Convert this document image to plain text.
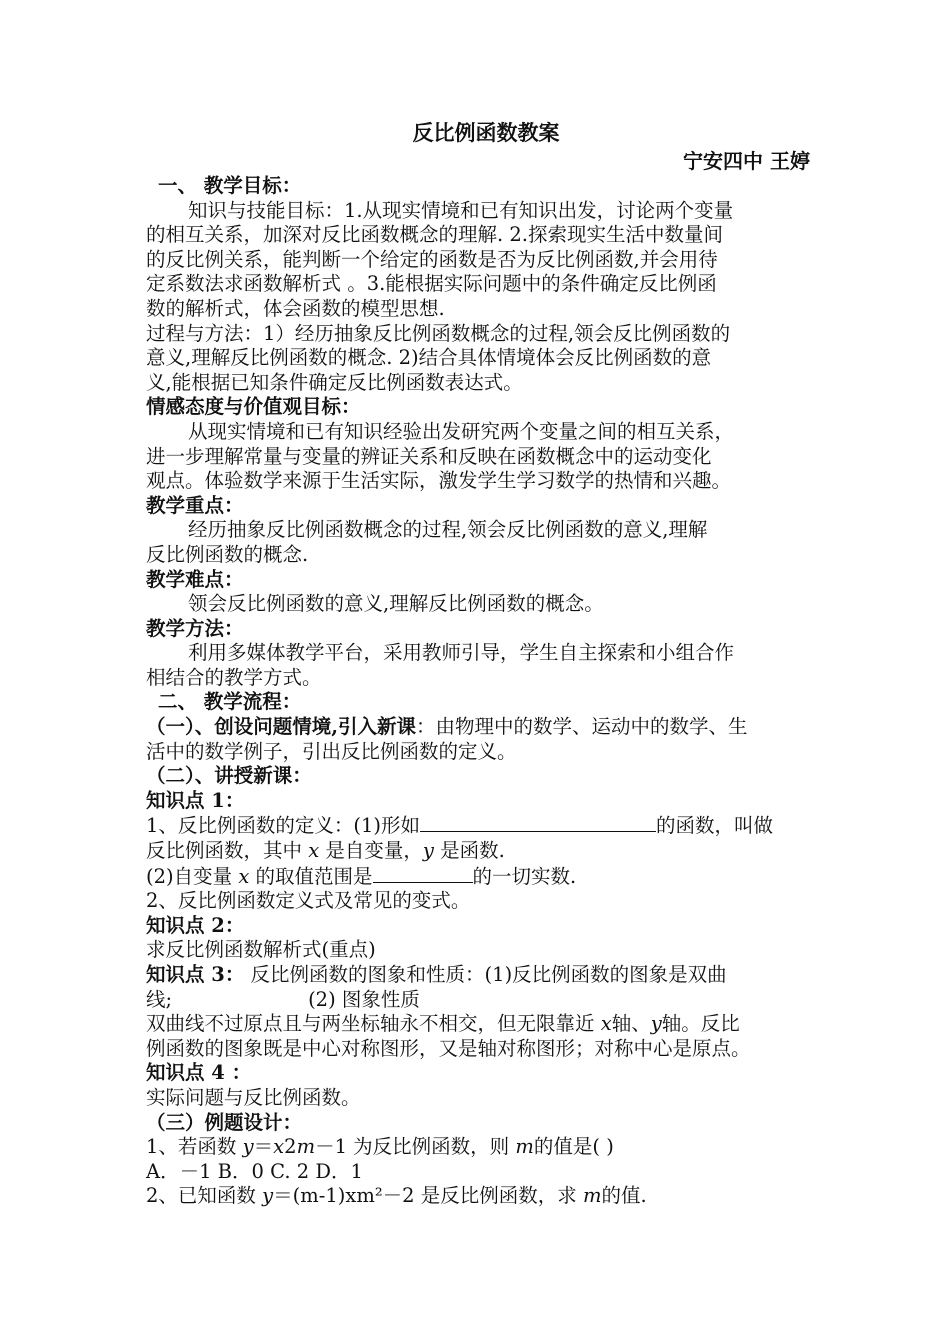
反比例函数教案
宁安四中 王婷
一、 教学目标：
知识与技能目标：1.从现实情境和已有知识出发，讨论两个变量
的相互关系，加深对反比函数概念的理解. 2.探索现实生活中数量间
的反比例关系，能判断一个给定的函数是否为反比例函数,并会用待
定系数法求函数解析式 。3.能根据实际问题中的条件确定反比例函
数的解析式，体会函数的模型思想.
过程与方法：1）经历抽象反比例函数概念的过程,领会反比例函数的
意义,理解反比例函数的概念. 2)结合具体情境体会反比例函数的意
义,能根据已知条件确定反比例函数表达式。
情感态度与价值观目标：
从现实情境和已有知识经验出发研究两个变量之间的相互关系，
进一步理解常量与变量的辨证关系和反映在函数概念中的运动变化
观点。体验数学来源于生活实际，激发学生学习数学的热情和兴趣。
教学重点：
经历抽象反比例函数概念的过程,领会反比例函数的意义,理解
反比例函数的概念.
教学难点：
领会反比例函数的意义,理解反比例函数的概念。
教学方法：
利用多媒体教学平台，采用教师引导，学生自主探索和小组合作
相结合的教学方式。
二、 教学流程：
（一）、创设问题情境,引入新课：由物理中的数学、运动中的数学、生
活中的数学例子，引出反比例函数的定义。
（二）、讲授新课：
知识点 1：
1、反比例函数的定义：(1)形如	的函数，叫做
反比例函数，其中 x 是自变量，y 是函数.
(2)自变量 x 的取值范围是	的一切实数.
2、反比例函数定义式及常见的变式。
知识点 2：
求反比例函数解析式(重点)
知识点 3： 反比例函数的图象和性质：(1)反比例函数的图象是双曲
线;	(2) 图象性质
双曲线不过原点且与两坐标轴永不相交，但无限靠近 x轴、y轴。反比
例函数的图象既是中心对称图形，又是轴对称图形；对称中心是原点。
知识点 4 ：
实际问题与反比例函数。
（三）例题设计：
1、若函数 y＝x2m－1 为反比例函数，则 m的值是( )
A．－1 B．0 C. 2 D．1
2、已知函数 y＝(m-1)xm²－2 是反比例函数，求 m的值.
